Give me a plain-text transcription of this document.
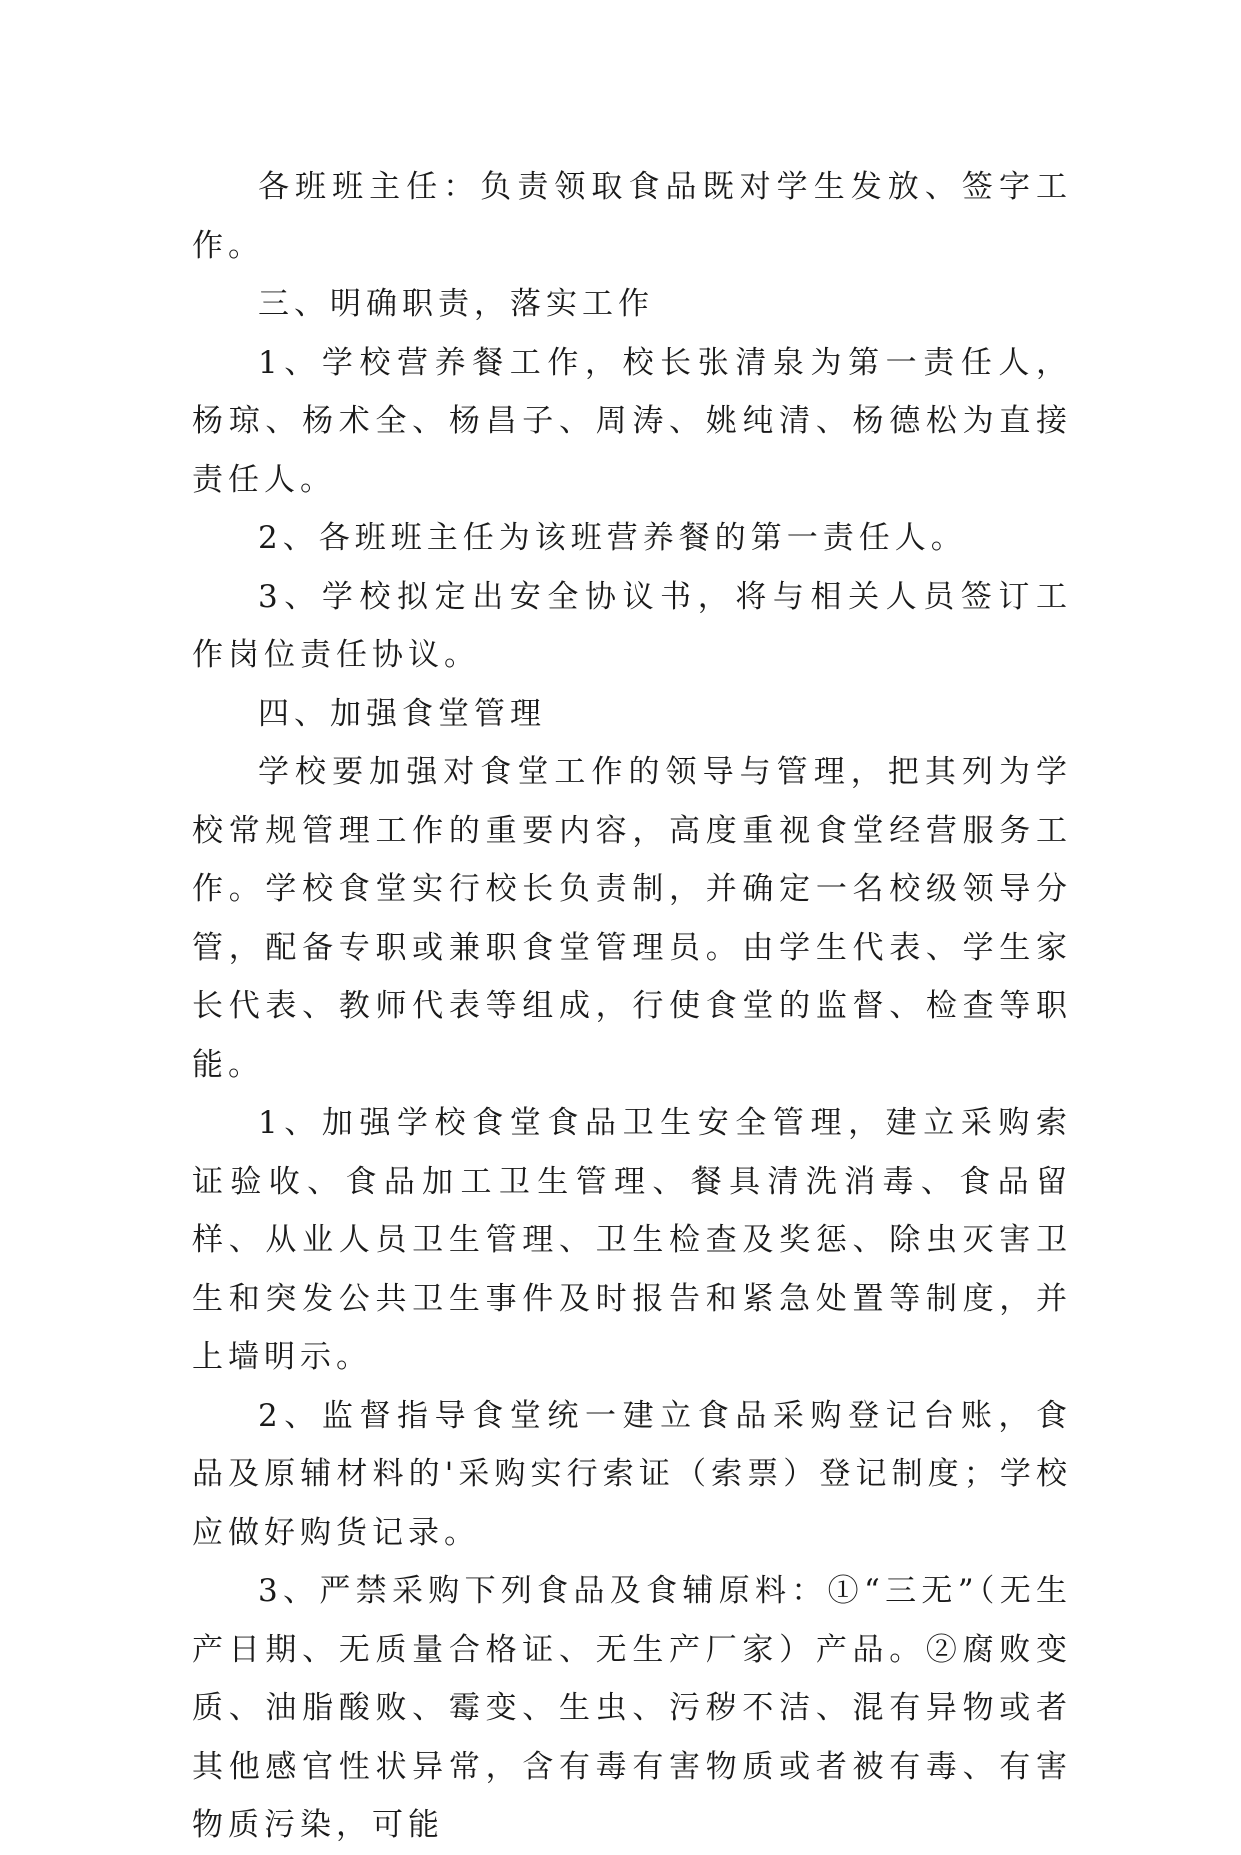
各班班主任：负责领取食品既对学生发放、签字工作。

三、明确职责，落实工作

1、学校营养餐工作，校长张清泉为第一责任人，杨琼、杨术全、杨昌子、周涛、姚纯清、杨德松为直接责任人。

2、各班班主任为该班营养餐的第一责任人。

3、学校拟定出安全协议书，将与相关人员签订工作岗位责任协议。

四、加强食堂管理

学校要加强对食堂工作的领导与管理，把其列为学校常规管理工作的重要内容，高度重视食堂经营服务工作。学校食堂实行校长负责制，并确定一名校级领导分管，配备专职或兼职食堂管理员。由学生代表、学生家长代表、教师代表等组成，行使食堂的监督、检查等职能。

1、加强学校食堂食品卫生安全管理，建立采购索证验收、食品加工卫生管理、餐具清洗消毒、食品留样、从业人员卫生管理、卫生检查及奖惩、除虫灭害卫生和突发公共卫生事件及时报告和紧急处置等制度，并上墙明示。

2、监督指导食堂统一建立食品采购登记台账，食品及原辅材料的'采购实行索证（索票）登记制度；学校应做好购货记录。

3、严禁采购下列食品及食辅原料：①“三无”（无生产日期、无质量合格证、无生产厂家）产品。②腐败变质、油脂酸败、霉变、生虫、污秽不洁、混有异物或者其他感官性状异常，含有毒有害物质或者被有毒、有害物质污染，可能
